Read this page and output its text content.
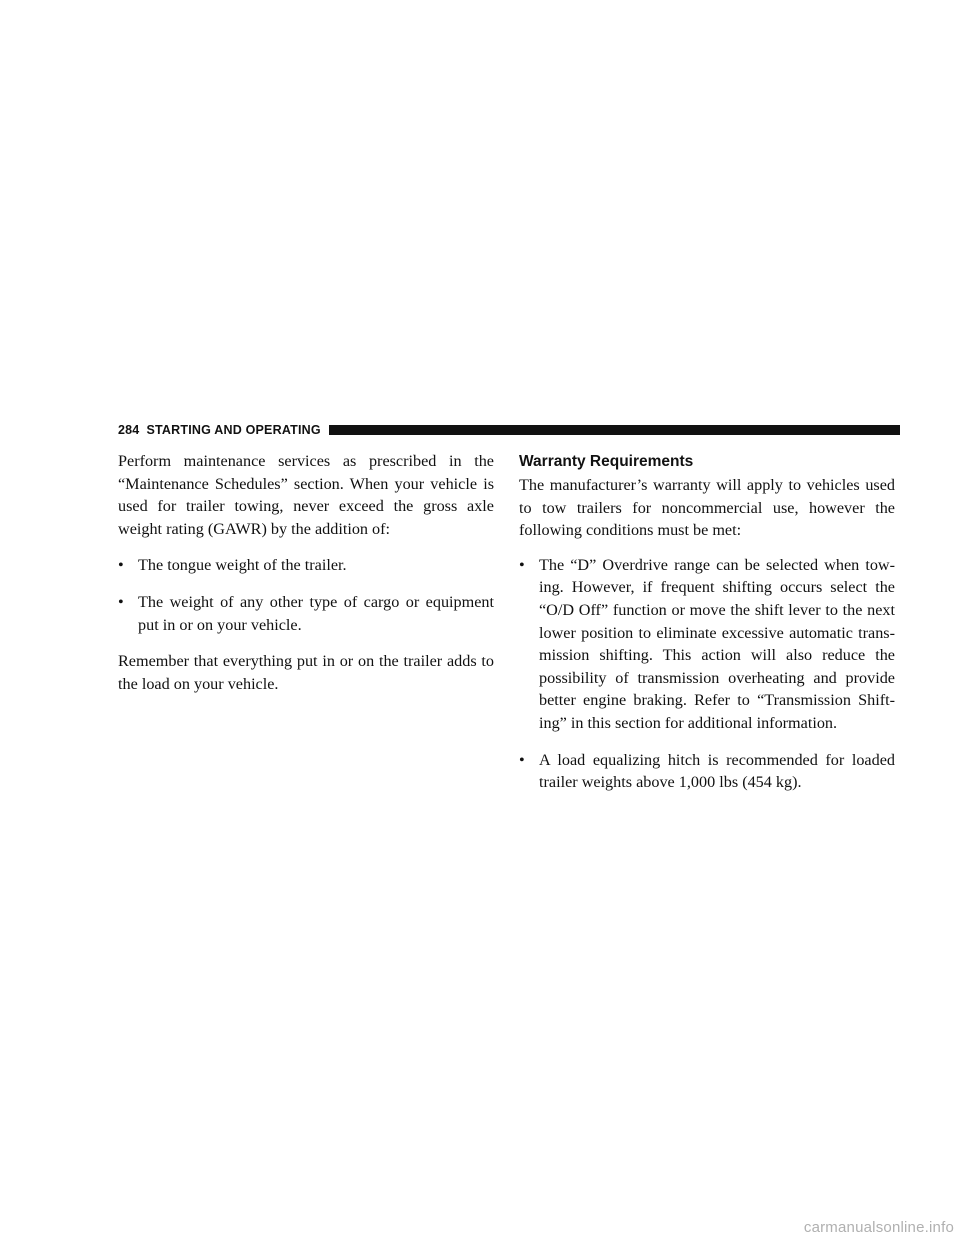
284 STARTING AND OPERATING

Perform maintenance services as prescribed in the “Maintenance Schedules” section. When your vehicle is used for trailer towing, never exceed the gross axle weight rating (GAWR) by the addition of:

• The tongue weight of the trailer.
• The weight of any other type of cargo or equipment put in or on your vehicle.

Remember that everything put in or on the trailer adds to the load on your vehicle.

Warranty Requirements

The manufacturer’s warranty will apply to vehicles used to tow trailers for noncommercial use, however the following conditions must be met:

• The “D” Overdrive range can be selected when towing. However, if frequent shifting occurs select the “O/D Off” function or move the shift lever to the next lower position to eliminate excessive automatic transmission shifting. This action will also reduce the possibility of transmission overheating and provide better engine braking. Refer to “Transmission Shifting” in this section for additional information.
• A load equalizing hitch is recommended for loaded trailer weights above 1,000 lbs (454 kg).
carmanualsonline.info
